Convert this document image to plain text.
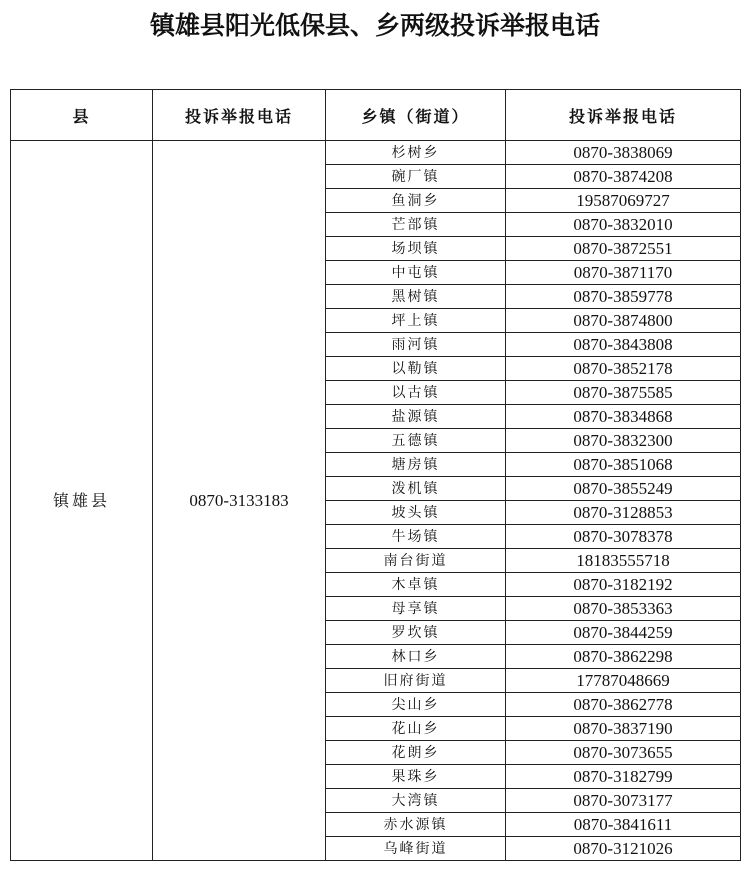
镇雄县阳光低保县、乡两级投诉举报电话
县	投诉举报电话	乡镇（街道）	投诉举报电话
镇雄县	0870-3133183	杉树乡	0870-3838069
		碗厂镇	0870-3874208
		鱼洞乡	19587069727
		芒部镇	0870-3832010
		场坝镇	0870-3872551
		中屯镇	0870-3871170
		黑树镇	0870-3859778
		坪上镇	0870-3874800
		雨河镇	0870-3843808
		以勒镇	0870-3852178
		以古镇	0870-3875585
		盐源镇	0870-3834868
		五德镇	0870-3832300
		塘房镇	0870-3851068
		泼机镇	0870-3855249
		坡头镇	0870-3128853
		牛场镇	0870-3078378
		南台街道	18183555718
		木卓镇	0870-3182192
		母享镇	0870-3853363
		罗坎镇	0870-3844259
		林口乡	0870-3862298
		旧府街道	17787048669
		尖山乡	0870-3862778
		花山乡	0870-3837190
		花朗乡	0870-3073655
		果珠乡	0870-3182799
		大湾镇	0870-3073177
		赤水源镇	0870-3841611
		乌峰街道	0870-3121026
